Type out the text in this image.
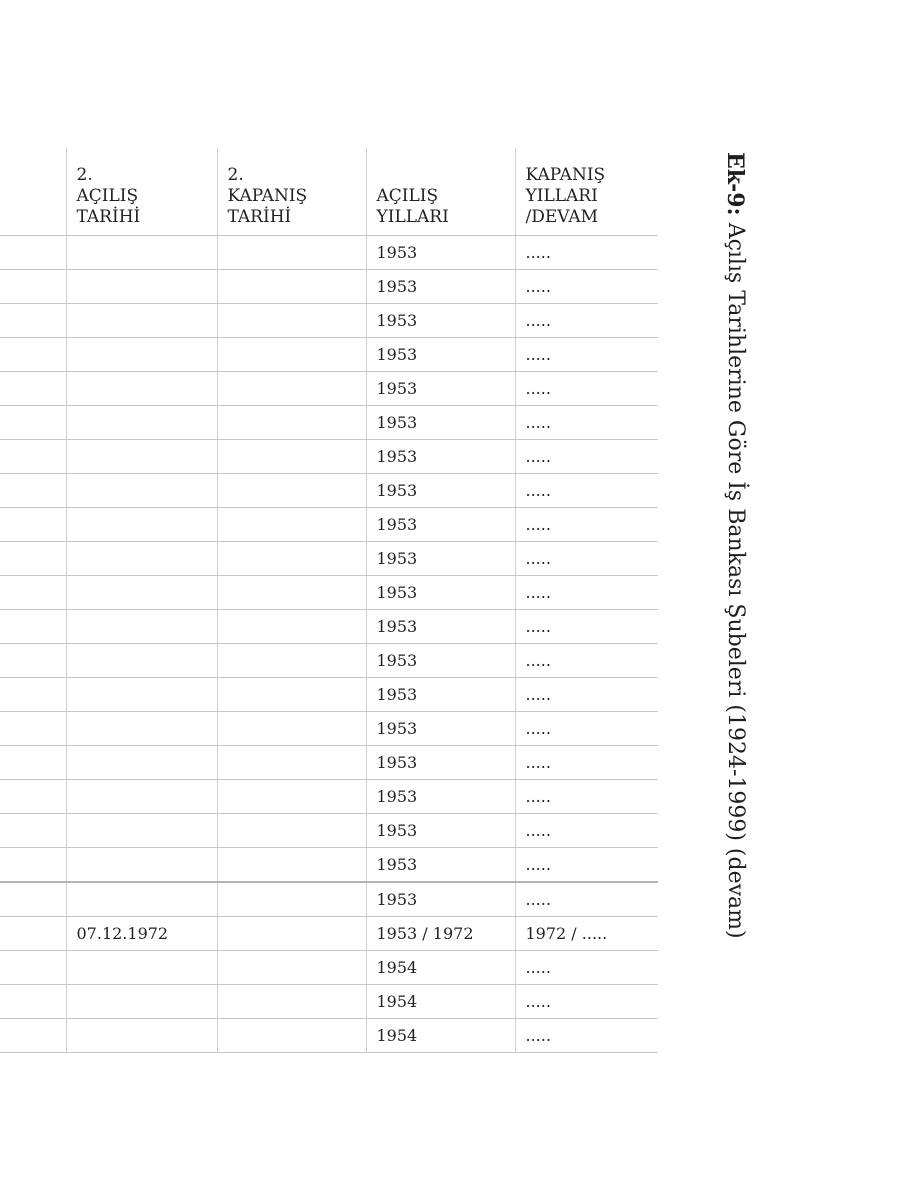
	2.
AÇILIŞ
TARİHİ	2.
KAPANIŞ
TARİHİ	AÇILIŞ
YILLARI	KAPANIŞ
YILLARI
/DEVAM
			1953	.....
			1953	.....
			1953	.....
			1953	.....
			1953	.....
			1953	.....
			1953	.....
			1953	.....
			1953	.....
			1953	.....
			1953	.....
			1953	.....
			1953	.....
			1953	.....
			1953	.....
			1953	.....
			1953	.....
			1953	.....
			1953	.....
			1953	.....
	07.12.1972		1953 / 1972	1972 / .....
			1954	.....
			1954	.....
			1954	.....
Ek-9: Açılış Tarihlerine Göre İş Bankası Şubeleri (1924-1999) (devam)
